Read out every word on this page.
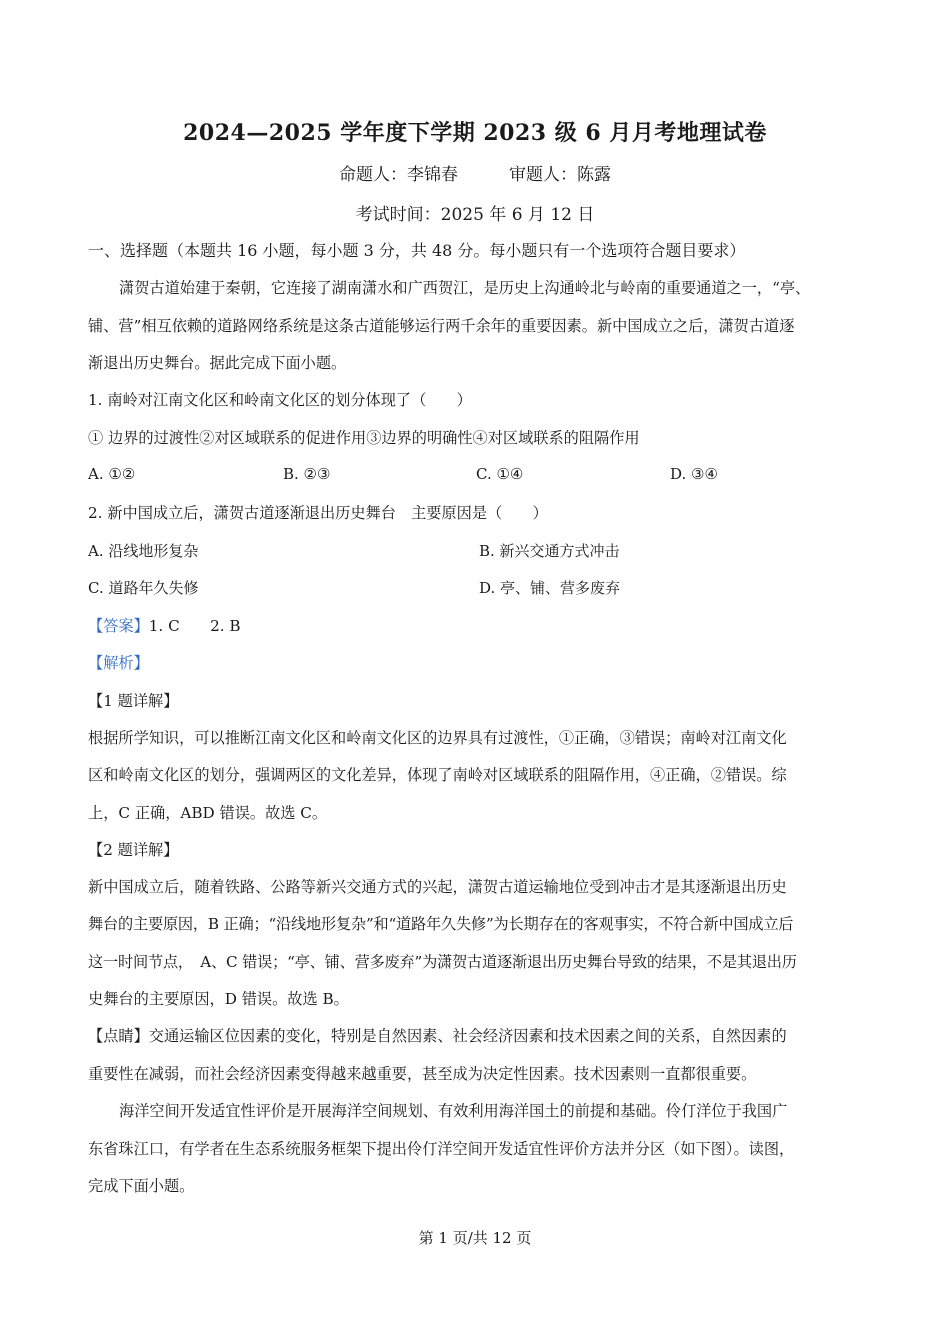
2024—2025 学年度下学期 2023 级 6 月月考地理试卷
命题人：李锦春　　　审题人：陈露
考试时间：2025 年 6 月 12 日
一、选择题（本题共 16 小题，每小题 3 分，共 48 分。每小题只有一个选项符合题目要求）
潇贺古道始建于秦朝，它连接了湖南潇水和广西贺江，是历史上沟通岭北与岭南的重要通道之一，“亭、
铺、营”相互依赖的道路网络系统是这条古道能够运行两千余年的重要因素。新中国成立之后，潇贺古道逐
渐退出历史舞台。据此完成下面小题。
1. 南岭对江南文化区和岭南文化区的划分体现了（　　）
① 边界的过渡性②对区域联系的促进作用③边界的明确性④对区域联系的阻隔作用
A. ①②	B. ②③	C. ①④	D. ③④
2. 新中国成立后，潇贺古道逐渐退出历史舞台　主要原因是（　　）
A. 沿线地形复杂	B. 新兴交通方式冲击
C. 道路年久失修	D. 亭、铺、营多废弃
【答案】1. C　　2. B
【解析】
【1 题详解】
根据所学知识，可以推断江南文化区和岭南文化区的边界具有过渡性，①正确，③错误；南岭对江南文化
区和岭南文化区的划分，强调两区的文化差异，体现了南岭对区域联系的阻隔作用，④正确，②错误。综
上，C 正确，ABD 错误。故选 C。
【2 题详解】
新中国成立后，随着铁路、公路等新兴交通方式的兴起，潇贺古道运输地位受到冲击才是其逐渐退出历史
舞台的主要原因，B 正确；“沿线地形复杂”和“道路年久失修”为长期存在的客观事实，不符合新中国成立后
这一时间节点，　A、C 错误；“亭、铺、营多废弃”为潇贺古道逐渐退出历史舞台导致的结果，不是其退出历
史舞台的主要原因，D 错误。故选 B。
【点睛】交通运输区位因素的变化，特别是自然因素、社会经济因素和技术因素之间的关系，自然因素的
重要性在减弱，而社会经济因素变得越来越重要，甚至成为决定性因素。技术因素则一直都很重要。
海洋空间开发适宜性评价是开展海洋空间规划、有效利用海洋国土的前提和基础。伶仃洋位于我国广
东省珠江口，有学者在生态系统服务框架下提出伶仃洋空间开发适宜性评价方法并分区（如下图）。读图，
完成下面小题。
第 1 页/共 12 页
